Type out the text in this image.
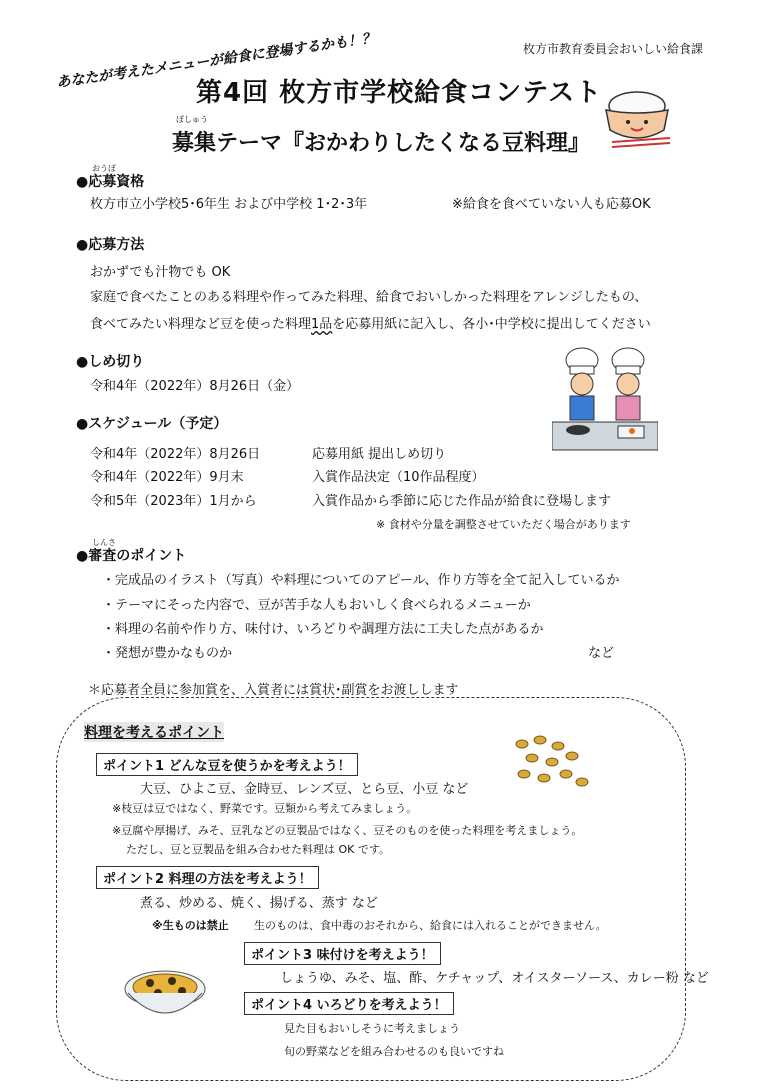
枚方市教育委員会おいしい給食課
あなたが考えたメニューが給食に登場するかも！？
第4回 枚方市学校給食コンテスト
ぼしゅう
募集テーマ『おかわりしたくなる豆料理』
おうぼ
●応募資格
枚方市立小学校5･6年生 および中学校 1･2･3年	※給食を食べていない人も応募OK
●応募方法
おかずでも汁物でも OK
家庭で食べたことのある料理や作ってみた料理、給食でおいしかった料理をアレンジしたもの、
食べてみたい料理など豆を使った料理1品を応募用紙に記入し、各小･中学校に提出してください
●しめ切り
令和4年（2022年）8月26日（金）
●スケジュール（予定）
令和4年（2022年）8月26日	応募用紙 提出しめ切り
令和4年（2022年）9月末	入賞作品決定（10作品程度）
令和5年（2023年）1月から	入賞作品から季節に応じた作品が給食に登場します
※ 食材や分量を調整させていただく場合があります
しんさ
●審査のポイント
・完成品のイラスト（写真）や料理についてのアピール、作り方等を全て記入しているか
・テーマにそった内容で、豆が苦手な人もおいしく食べられるメニューか
・料理の名前や作り方、味付け、いろどりや調理方法に工夫した点があるか
・発想が豊かなものか	など
＊応募者全員に参加賞を、入賞者には賞状･副賞をお渡しします
料理を考えるポイント
ポイント1 どんな豆を使うかを考えよう！
大豆、ひよこ豆、金時豆、レンズ豆、とら豆、小豆 など
※枝豆は豆ではなく、野菜です。豆類から考えてみましょう。
※豆腐や厚揚げ、みそ、豆乳などの豆製品ではなく、豆そのものを使った料理を考えましょう。
ただし、豆と豆製品を組み合わせた料理は OK です。
ポイント2 料理の方法を考えよう！
煮る、炒める、焼く、揚げる、蒸す など
※生ものは禁止 生のものは、食中毒のおそれから、給食には入れることができません。
ポイント3 味付けを考えよう！
しょうゆ、みそ、塩、酢、ケチャップ、オイスターソース、カレー粉 など
ポイント4 いろどりを考えよう！
見た目もおいしそうに考えましょう
旬の野菜などを組み合わせるのも良いですね
